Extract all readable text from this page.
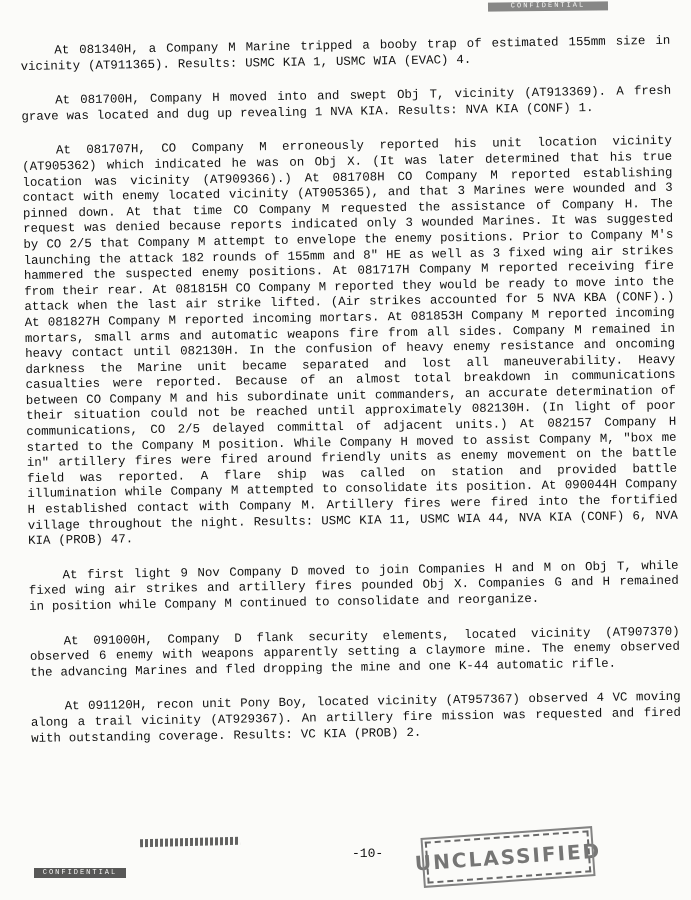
CONFIDENTIAL

At 081340H, a Company M Marine tripped a booby trap of estimated 155mm size in vicinity (AT911365). Results: USMC KIA 1, USMC WIA (EVAC) 4.

At 081700H, Company H moved into and swept Obj T, vicinity (AT913369). A fresh grave was located and dug up revealing 1 NVA KIA. Results: NVA KIA (CONF) 1.

At 081707H, CO Company M erroneously reported his unit location vicinity (AT905362) which indicated he was on Obj X. (It was later determined that his true location was vicinity (AT909366).) At 081708H CO Company M reported establishing contact with enemy located vicinity (AT905365), and that 3 Marines were wounded and 3 pinned down. At that time CO Company M requested the assistance of Company H. The request was denied because reports indicated only 3 wounded Marines. It was suggested by CO 2/5 that Company M attempt to envelope the enemy positions. Prior to Company M's launching the attack 182 rounds of 155mm and 8" HE as well as 3 fixed wing air strikes hammered the suspected enemy positions. At 081717H Company M reported receiving fire from their rear. At 081815H CO Company M reported they would be ready to move into the attack when the last air strike lifted. (Air strikes accounted for 5 NVA KBA (CONF).) At 081827H Company M reported incoming mortars. At 081853H Company M reported incoming mortars, small arms and automatic weapons fire from all sides. Company M remained in heavy contact until 082130H. In the confusion of heavy enemy resistance and oncoming darkness the Marine unit became separated and lost all maneuverability. Heavy casualties were reported. Because of an almost total breakdown in communications between CO Company M and his subordinate unit commanders, an accurate determination of their situation could not be reached until approximately 082130H. (In light of poor communications, CO 2/5 delayed committal of adjacent units.) At 082157 Company H started to the Company M position. While Company H moved to assist Company M, "box me in" artillery fires were fired around friendly units as enemy movement on the battle field was reported. A flare ship was called on station and provided battle illumination while Company M attempted to consolidate its position. At 090044H Company H established contact with Company M. Artillery fires were fired into the fortified village throughout the night. Results: USMC KIA 11, USMC WIA 44, NVA KIA (CONF) 6, NVA KIA (PROB) 47.

At first light 9 Nov Company D moved to join Companies H and M on Obj T, while fixed wing air strikes and artillery fires pounded Obj X. Companies G and H remained in position while Company M continued to consolidate and reorganize.

At 091000H, Company D flank security elements, located vicinity (AT907370) observed 6 enemy with weapons apparently setting a claymore mine. The enemy observed the advancing Marines and fled dropping the mine and one K-44 automatic rifle.

At 091120H, recon unit Pony Boy, located vicinity (AT957367) observed 4 VC moving along a trail vicinity (AT929367). An artillery fire mission was requested and fired with outstanding coverage. Results: VC KIA (PROB) 2.

-10- UNCLASSIFIED
CONFIDENTIAL
